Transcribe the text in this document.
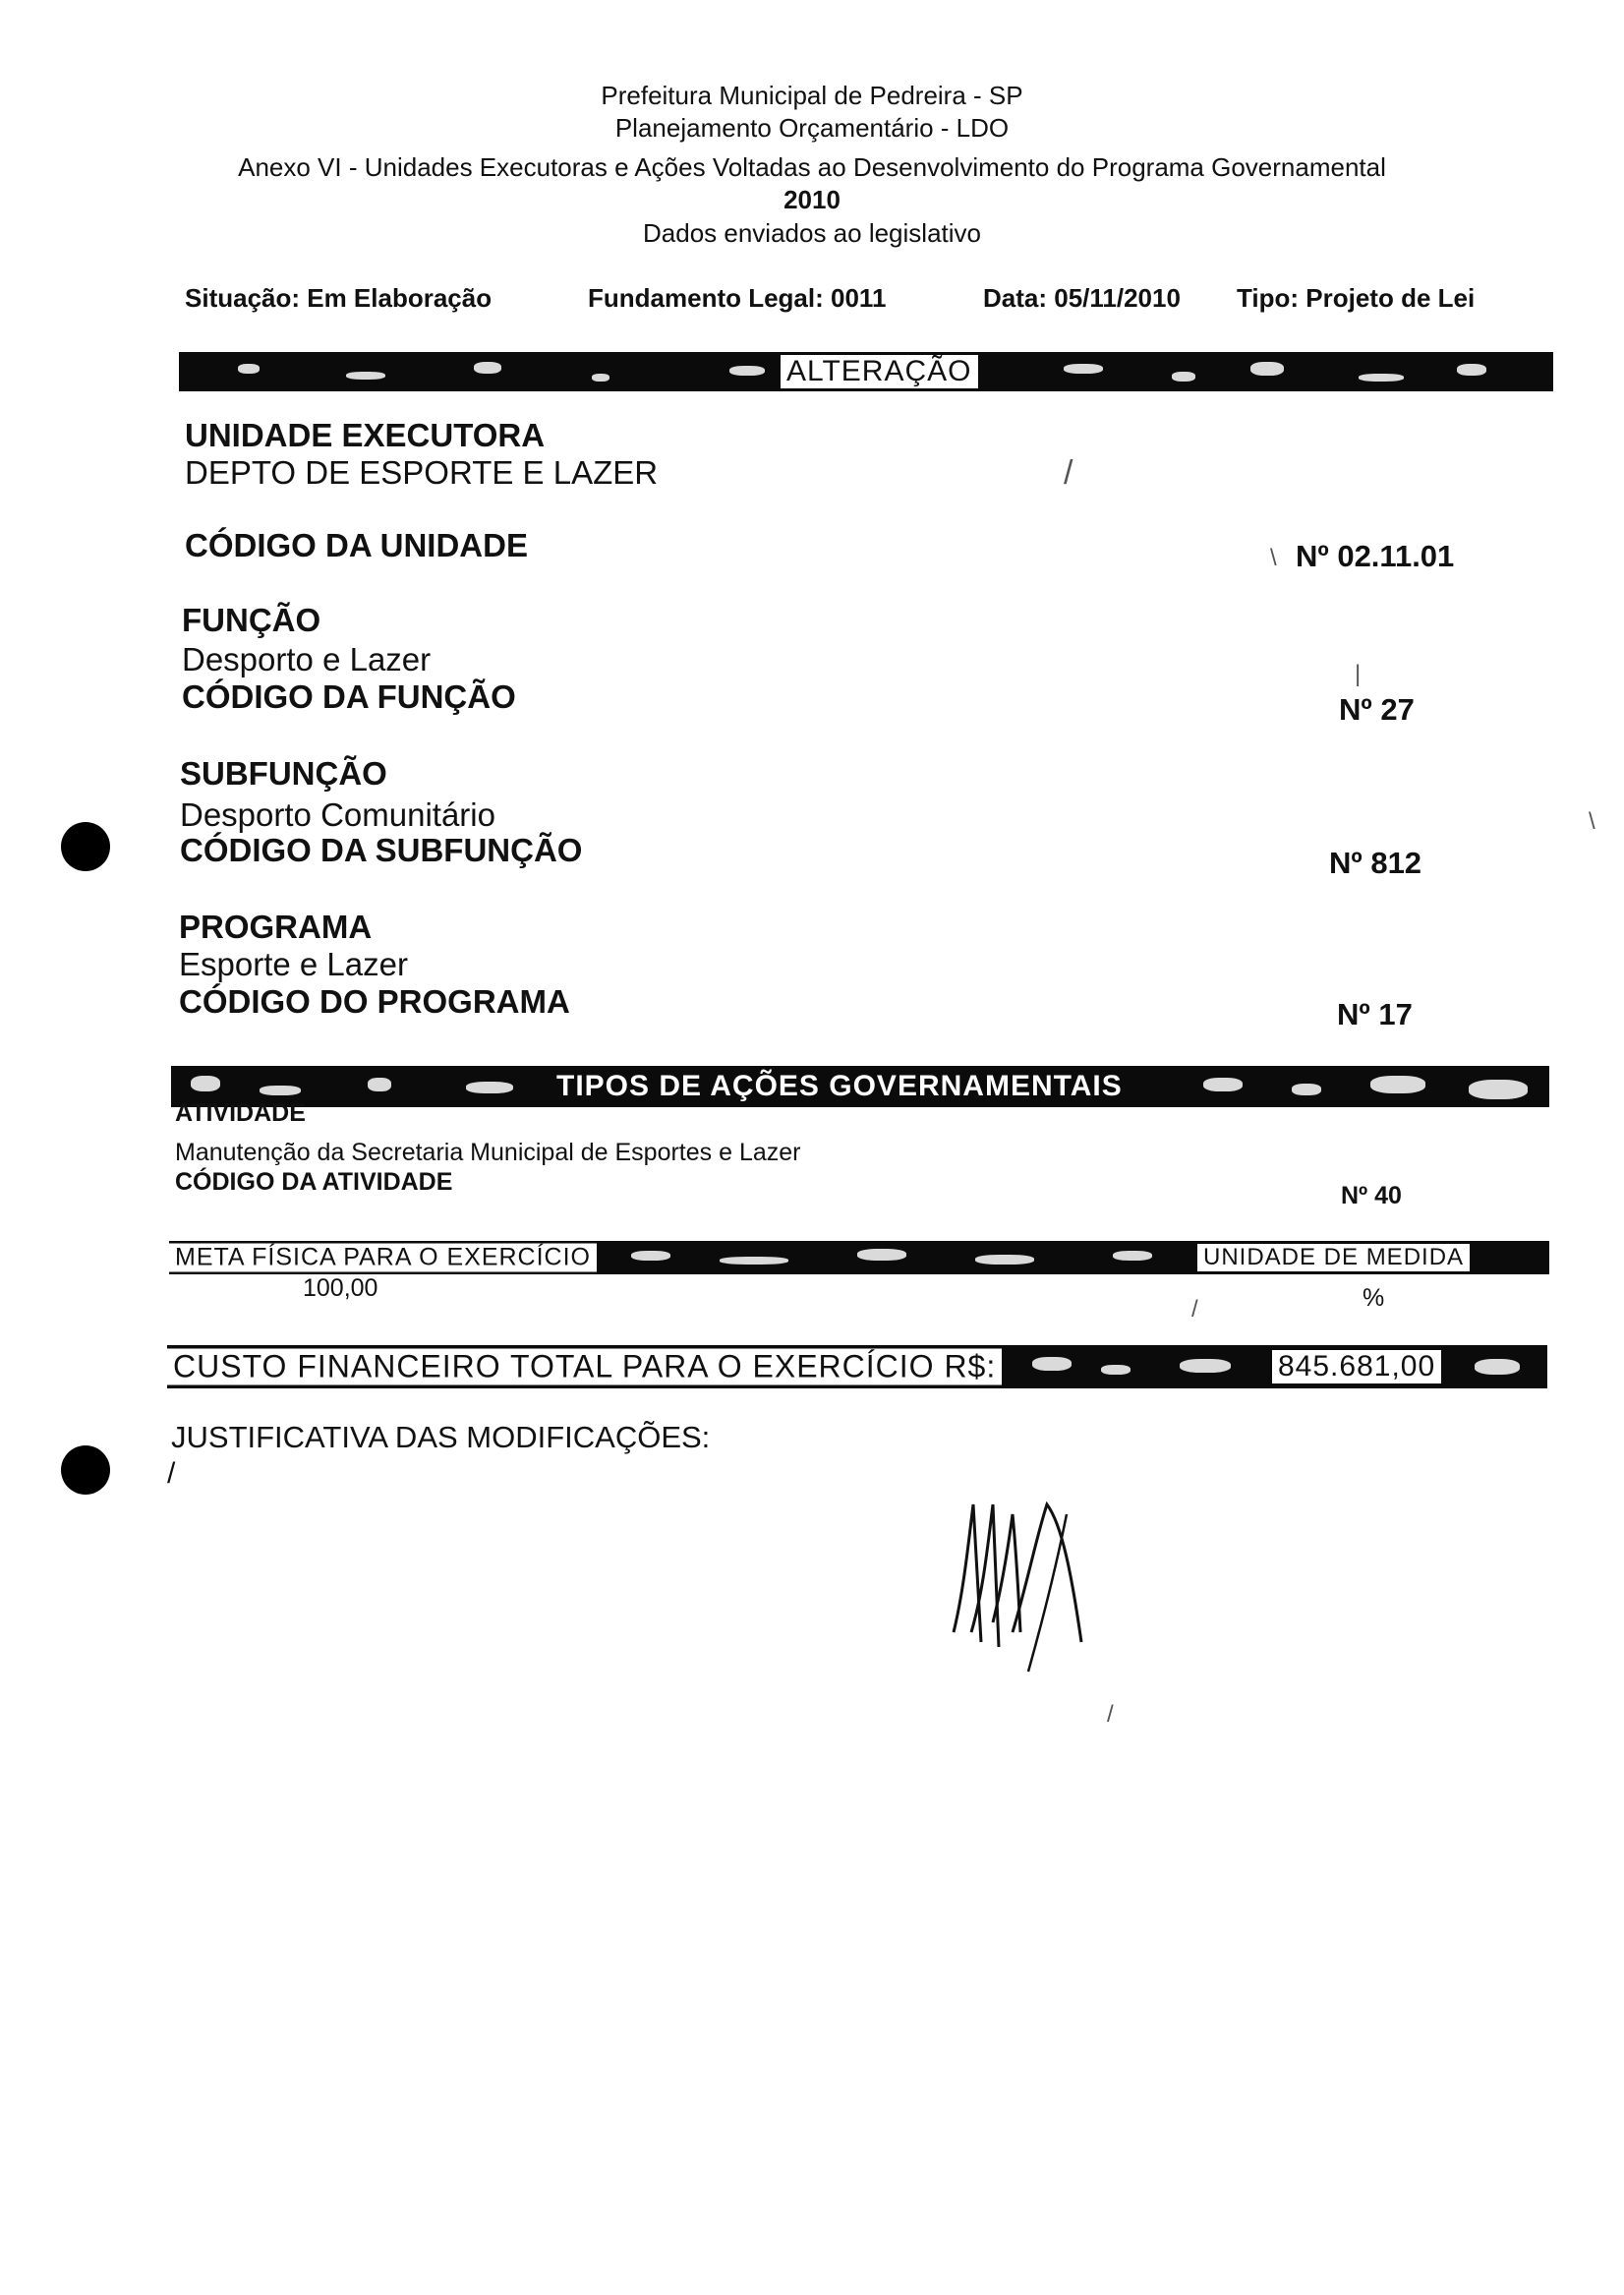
Prefeitura Municipal de Pedreira - SP
Planejamento Orçamentário - LDO
Anexo VI - Unidades Executoras e Ações Voltadas ao Desenvolvimento do Programa Governamental
2010
Dados enviados ao legislativo
Situação: Em Elaboração	Fundamento Legal: 0011	Data: 05/11/2010 Tipo: Projeto de Lei
ALTERAÇÃO
UNIDADE EXECUTORA
DEPTO DE ESPORTE E LAZER
CÓDIGO DA UNIDADE	Nº 02.11.01
FUNÇÃO
Desporto e Lazer
CÓDIGO DA FUNÇÃO	Nº 27
SUBFUNÇÃO
Desporto Comunitário
CÓDIGO DA SUBFUNÇÃO	Nº 812
PROGRAMA
Esporte e Lazer
CÓDIGO DO PROGRAMA	Nº 17
TIPOS DE AÇÕES GOVERNAMENTAIS
ATIVIDADE
Manutenção da Secretaria Municipal de Esportes e Lazer
CÓDIGO DA ATIVIDADE	Nº 40
META FÍSICA PARA O EXERCÍCIO	UNIDADE DE MEDIDA
100,00	%
CUSTO FINANCEIRO TOTAL PARA O EXERCÍCIO R$:	845.681,00
JUSTIFICATIVA DAS MODIFICAÇÕES:
/
/
\
|
\
/
/
